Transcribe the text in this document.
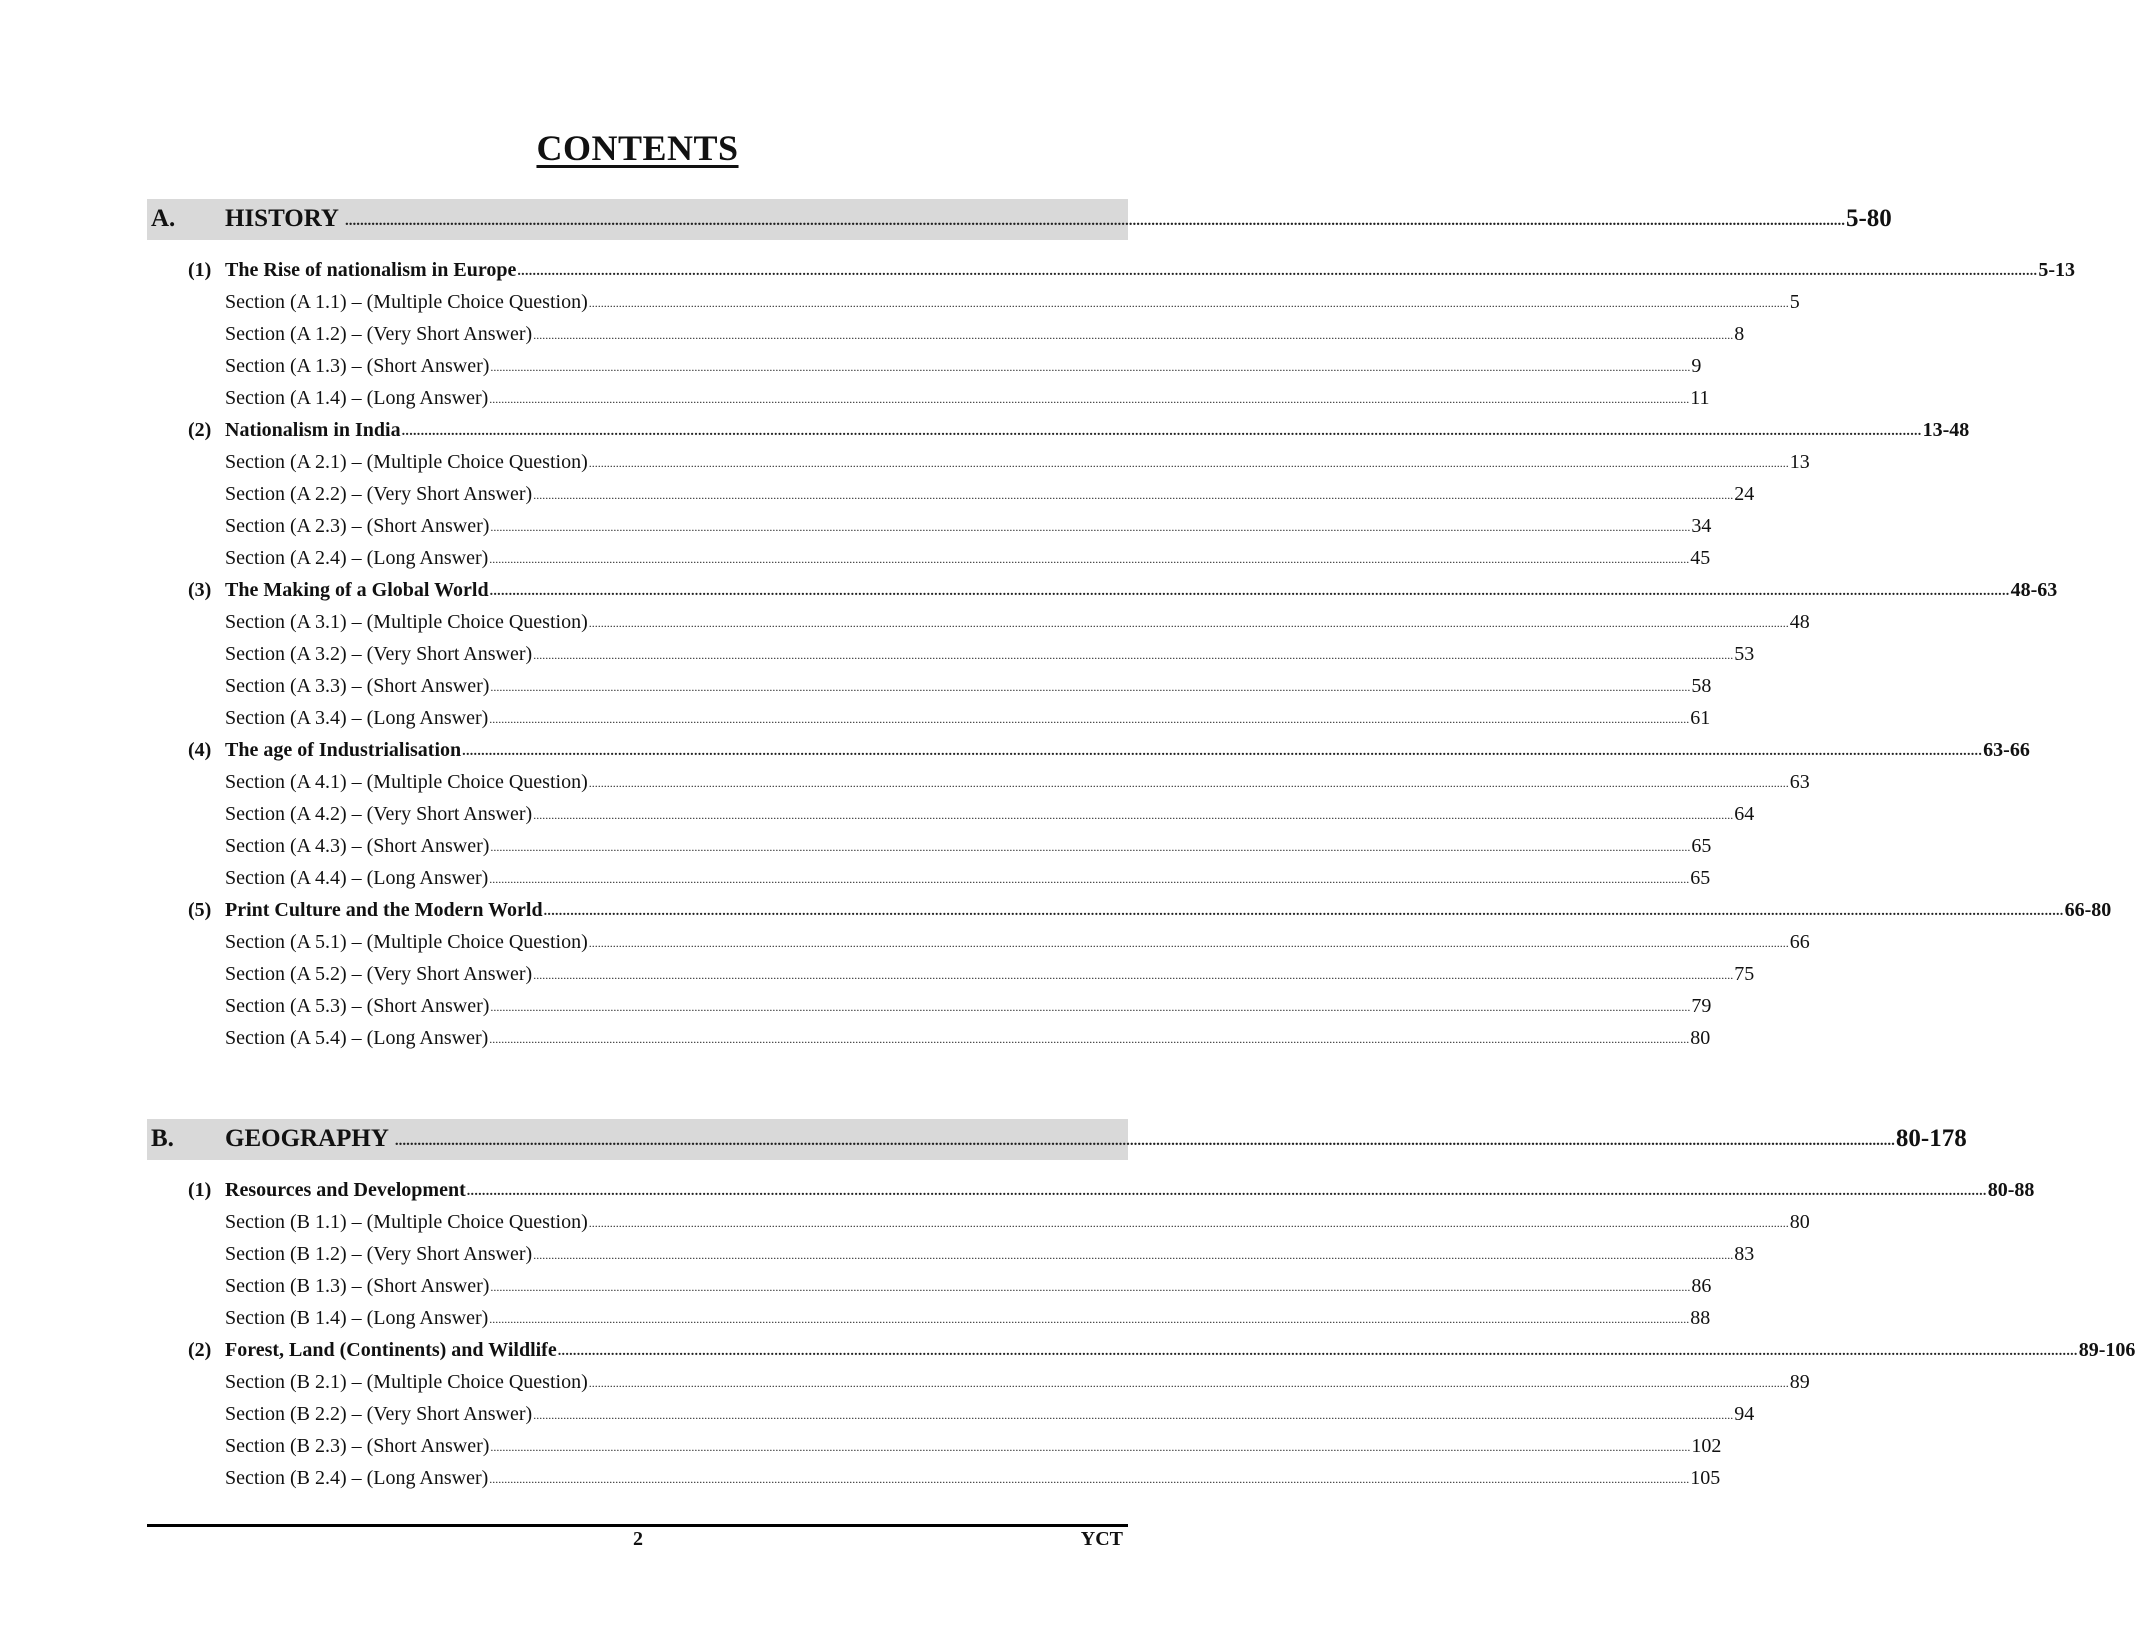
CONTENTS
A. HISTORY ................................................................................................................................................................................................................................................................................................................................................................................................................ 5-80
(1) The Rise of nationalism in Europe ................................................................................................................................................................................................................................................................................................................................................................................................................ 5-13
Section (A 1.1) – (Multiple Choice Question) ................................................................................................................................................................................................................................................................................................................................................................................................................ 5
Section (A 1.2) – (Very Short Answer) ................................................................................................................................................................................................................................................................................................................................................................................................................ 8
Section (A 1.3) – (Short Answer) ................................................................................................................................................................................................................................................................................................................................................................................................................ 9
Section (A 1.4) – (Long Answer) ................................................................................................................................................................................................................................................................................................................................................................................................................ 11
(2) Nationalism in India ................................................................................................................................................................................................................................................................................................................................................................................................................ 13-48
Section (A 2.1) – (Multiple Choice Question) ................................................................................................................................................................................................................................................................................................................................................................................................................ 13
Section (A 2.2) – (Very Short Answer) ................................................................................................................................................................................................................................................................................................................................................................................................................ 24
Section (A 2.3) – (Short Answer) ................................................................................................................................................................................................................................................................................................................................................................................................................ 34
Section (A 2.4) – (Long Answer) ................................................................................................................................................................................................................................................................................................................................................................................................................ 45
(3) The Making of a Global World ................................................................................................................................................................................................................................................................................................................................................................................................................ 48-63
Section (A 3.1) – (Multiple Choice Question) ................................................................................................................................................................................................................................................................................................................................................................................................................ 48
Section (A 3.2) – (Very Short Answer) ................................................................................................................................................................................................................................................................................................................................................................................................................ 53
Section (A 3.3) – (Short Answer) ................................................................................................................................................................................................................................................................................................................................................................................................................ 58
Section (A 3.4) – (Long Answer) ................................................................................................................................................................................................................................................................................................................................................................................................................ 61
(4) The age of Industrialisation ................................................................................................................................................................................................................................................................................................................................................................................................................ 63-66
Section (A 4.1) – (Multiple Choice Question) ................................................................................................................................................................................................................................................................................................................................................................................................................ 63
Section (A 4.2) – (Very Short Answer) ................................................................................................................................................................................................................................................................................................................................................................................................................ 64
Section (A 4.3) – (Short Answer) ................................................................................................................................................................................................................................................................................................................................................................................................................ 65
Section (A 4.4) – (Long Answer) ................................................................................................................................................................................................................................................................................................................................................................................................................ 65
(5) Print Culture and the Modern World ................................................................................................................................................................................................................................................................................................................................................................................................................ 66-80
Section (A 5.1) – (Multiple Choice Question) ................................................................................................................................................................................................................................................................................................................................................................................................................ 66
Section (A 5.2) – (Very Short Answer) ................................................................................................................................................................................................................................................................................................................................................................................................................ 75
Section (A 5.3) – (Short Answer) ................................................................................................................................................................................................................................................................................................................................................................................................................ 79
Section (A 5.4) – (Long Answer) ................................................................................................................................................................................................................................................................................................................................................................................................................ 80
B. GEOGRAPHY ................................................................................................................................................................................................................................................................................................................................................................................................................ 80-178
(1) Resources and Development ................................................................................................................................................................................................................................................................................................................................................................................................................ 80-88
Section (B 1.1) – (Multiple Choice Question) ................................................................................................................................................................................................................................................................................................................................................................................................................ 80
Section (B 1.2) – (Very Short Answer) ................................................................................................................................................................................................................................................................................................................................................................................................................ 83
Section (B 1.3) – (Short Answer) ................................................................................................................................................................................................................................................................................................................................................................................................................ 86
Section (B 1.4) – (Long Answer) ................................................................................................................................................................................................................................................................................................................................................................................................................ 88
(2) Forest, Land (Continents) and Wildlife ................................................................................................................................................................................................................................................................................................................................................................................................................ 89-106
Section (B 2.1) – (Multiple Choice Question) ................................................................................................................................................................................................................................................................................................................................................................................................................ 89
Section (B 2.2) – (Very Short Answer) ................................................................................................................................................................................................................................................................................................................................................................................................................ 94
Section (B 2.3) – (Short Answer) ................................................................................................................................................................................................................................................................................................................................................................................................................ 102
Section (B 2.4) – (Long Answer) ................................................................................................................................................................................................................................................................................................................................................................................................................ 105
2	YCT
